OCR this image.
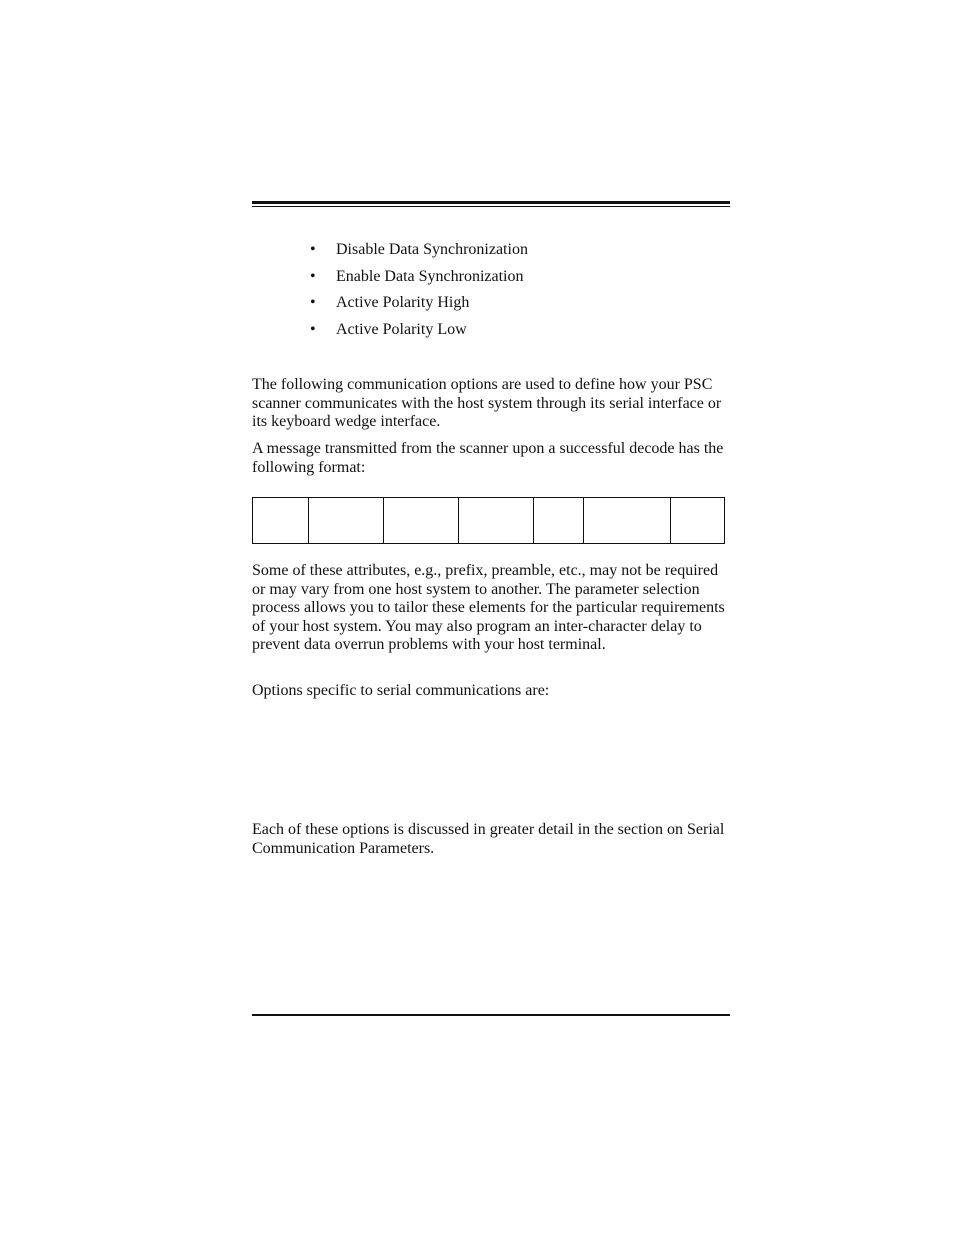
•	Disable Data Synchronization
•	Enable Data Synchronization
•	Active Polarity High
•	Active Polarity Low

The following communication options are used to define how your PSC scanner communicates with the host system through its serial interface or its keyboard wedge interface.

A message transmitted from the scanner upon a successful decode has the following format:

Some of these attributes, e.g., prefix, preamble, etc., may not be required or may vary from one host system to another. The parameter selection process allows you to tailor these elements for the particular requirements of your host system. You may also program an inter-character delay to prevent data overrun problems with your host terminal.

Options specific to serial communications are:

Each of these options is discussed in greater detail in the section on Serial Communication Parameters.
